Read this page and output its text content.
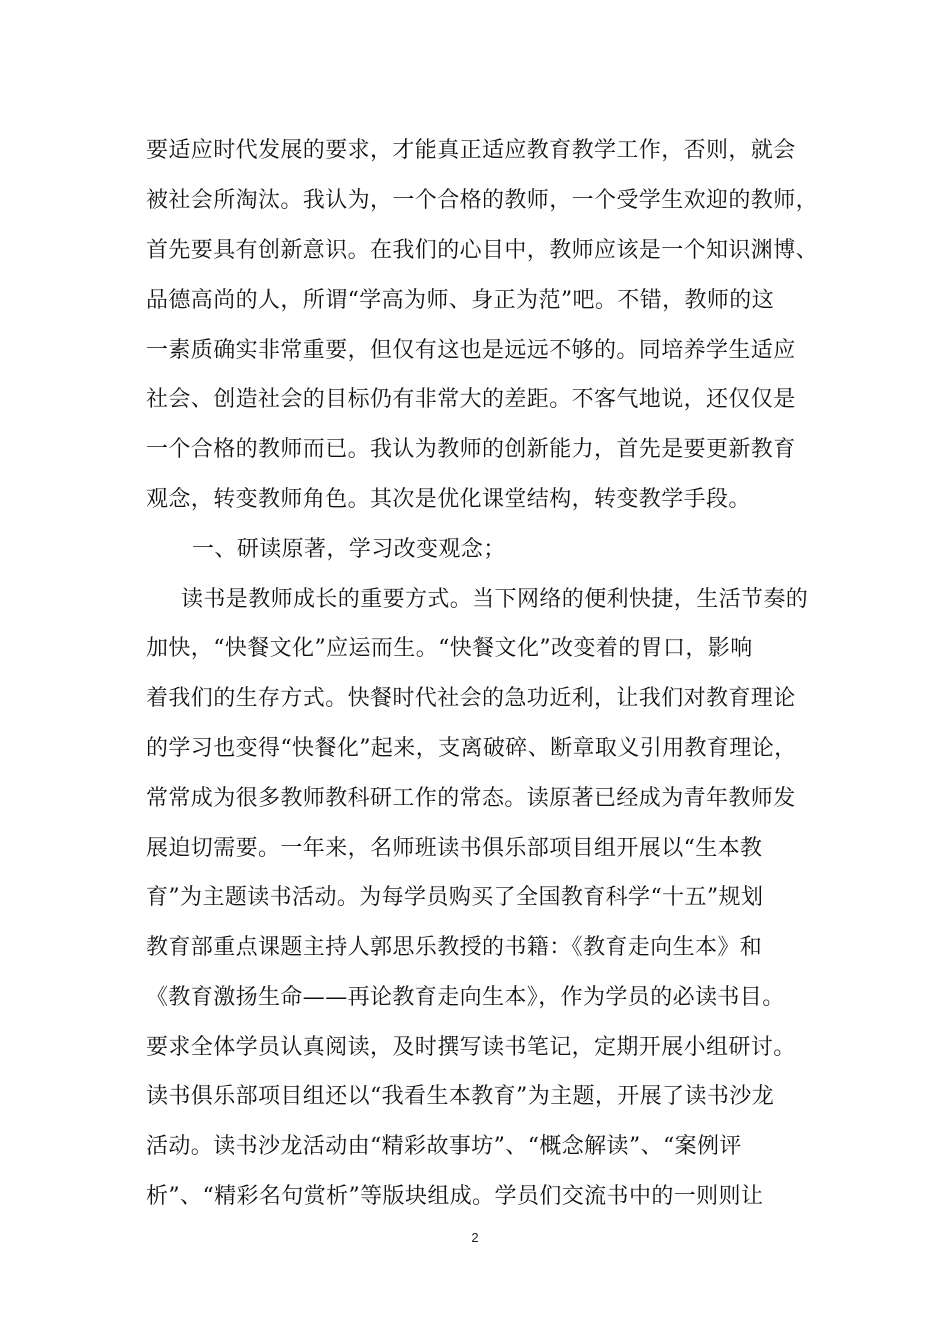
要适应时代发展的要求，才能真正适应教育教学工作，否则，就会
被社会所淘汰。我认为，一个合格的教师，一个受学生欢迎的教师，
首先要具有创新意识。在我们的心目中，教师应该是一个知识渊博、
品德高尚的人，所谓“学高为师、身正为范”吧。不错，教师的这
一素质确实非常重要，但仅有这也是远远不够的。同培养学生适应
社会、创造社会的目标仍有非常大的差距。不客气地说，还仅仅是
一个合格的教师而已。我认为教师的创新能力，首先是要更新教育
观念，转变教师角色。其次是优化课堂结构，转变教学手段。
一、研读原著，学习改变观念；
读书是教师成长的重要方式。当下网络的便利快捷，生活节奏的
加快，“快餐文化”应运而生。“快餐文化”改变着的胃口，影响
着我们的生存方式。快餐时代社会的急功近利，让我们对教育理论
的学习也变得“快餐化”起来，支离破碎、断章取义引用教育理论，
常常成为很多教师教科研工作的常态。读原著已经成为青年教师发
展迫切需要。一年来，名师班读书俱乐部项目组开展以“生本教
育”为主题读书活动。为每学员购买了全国教育科学“十五”规划
教育部重点课题主持人郭思乐教授的书籍：《教育走向生本》和
《教育激扬生命——再论教育走向生本》，作为学员的必读书目。
要求全体学员认真阅读，及时撰写读书笔记，定期开展小组研讨。
读书俱乐部项目组还以“我看生本教育”为主题，开展了读书沙龙
活动。读书沙龙活动由“精彩故事坊”、“概念解读”、“案例评
析”、“精彩名句赏析”等版块组成。学员们交流书中的一则则让
2
